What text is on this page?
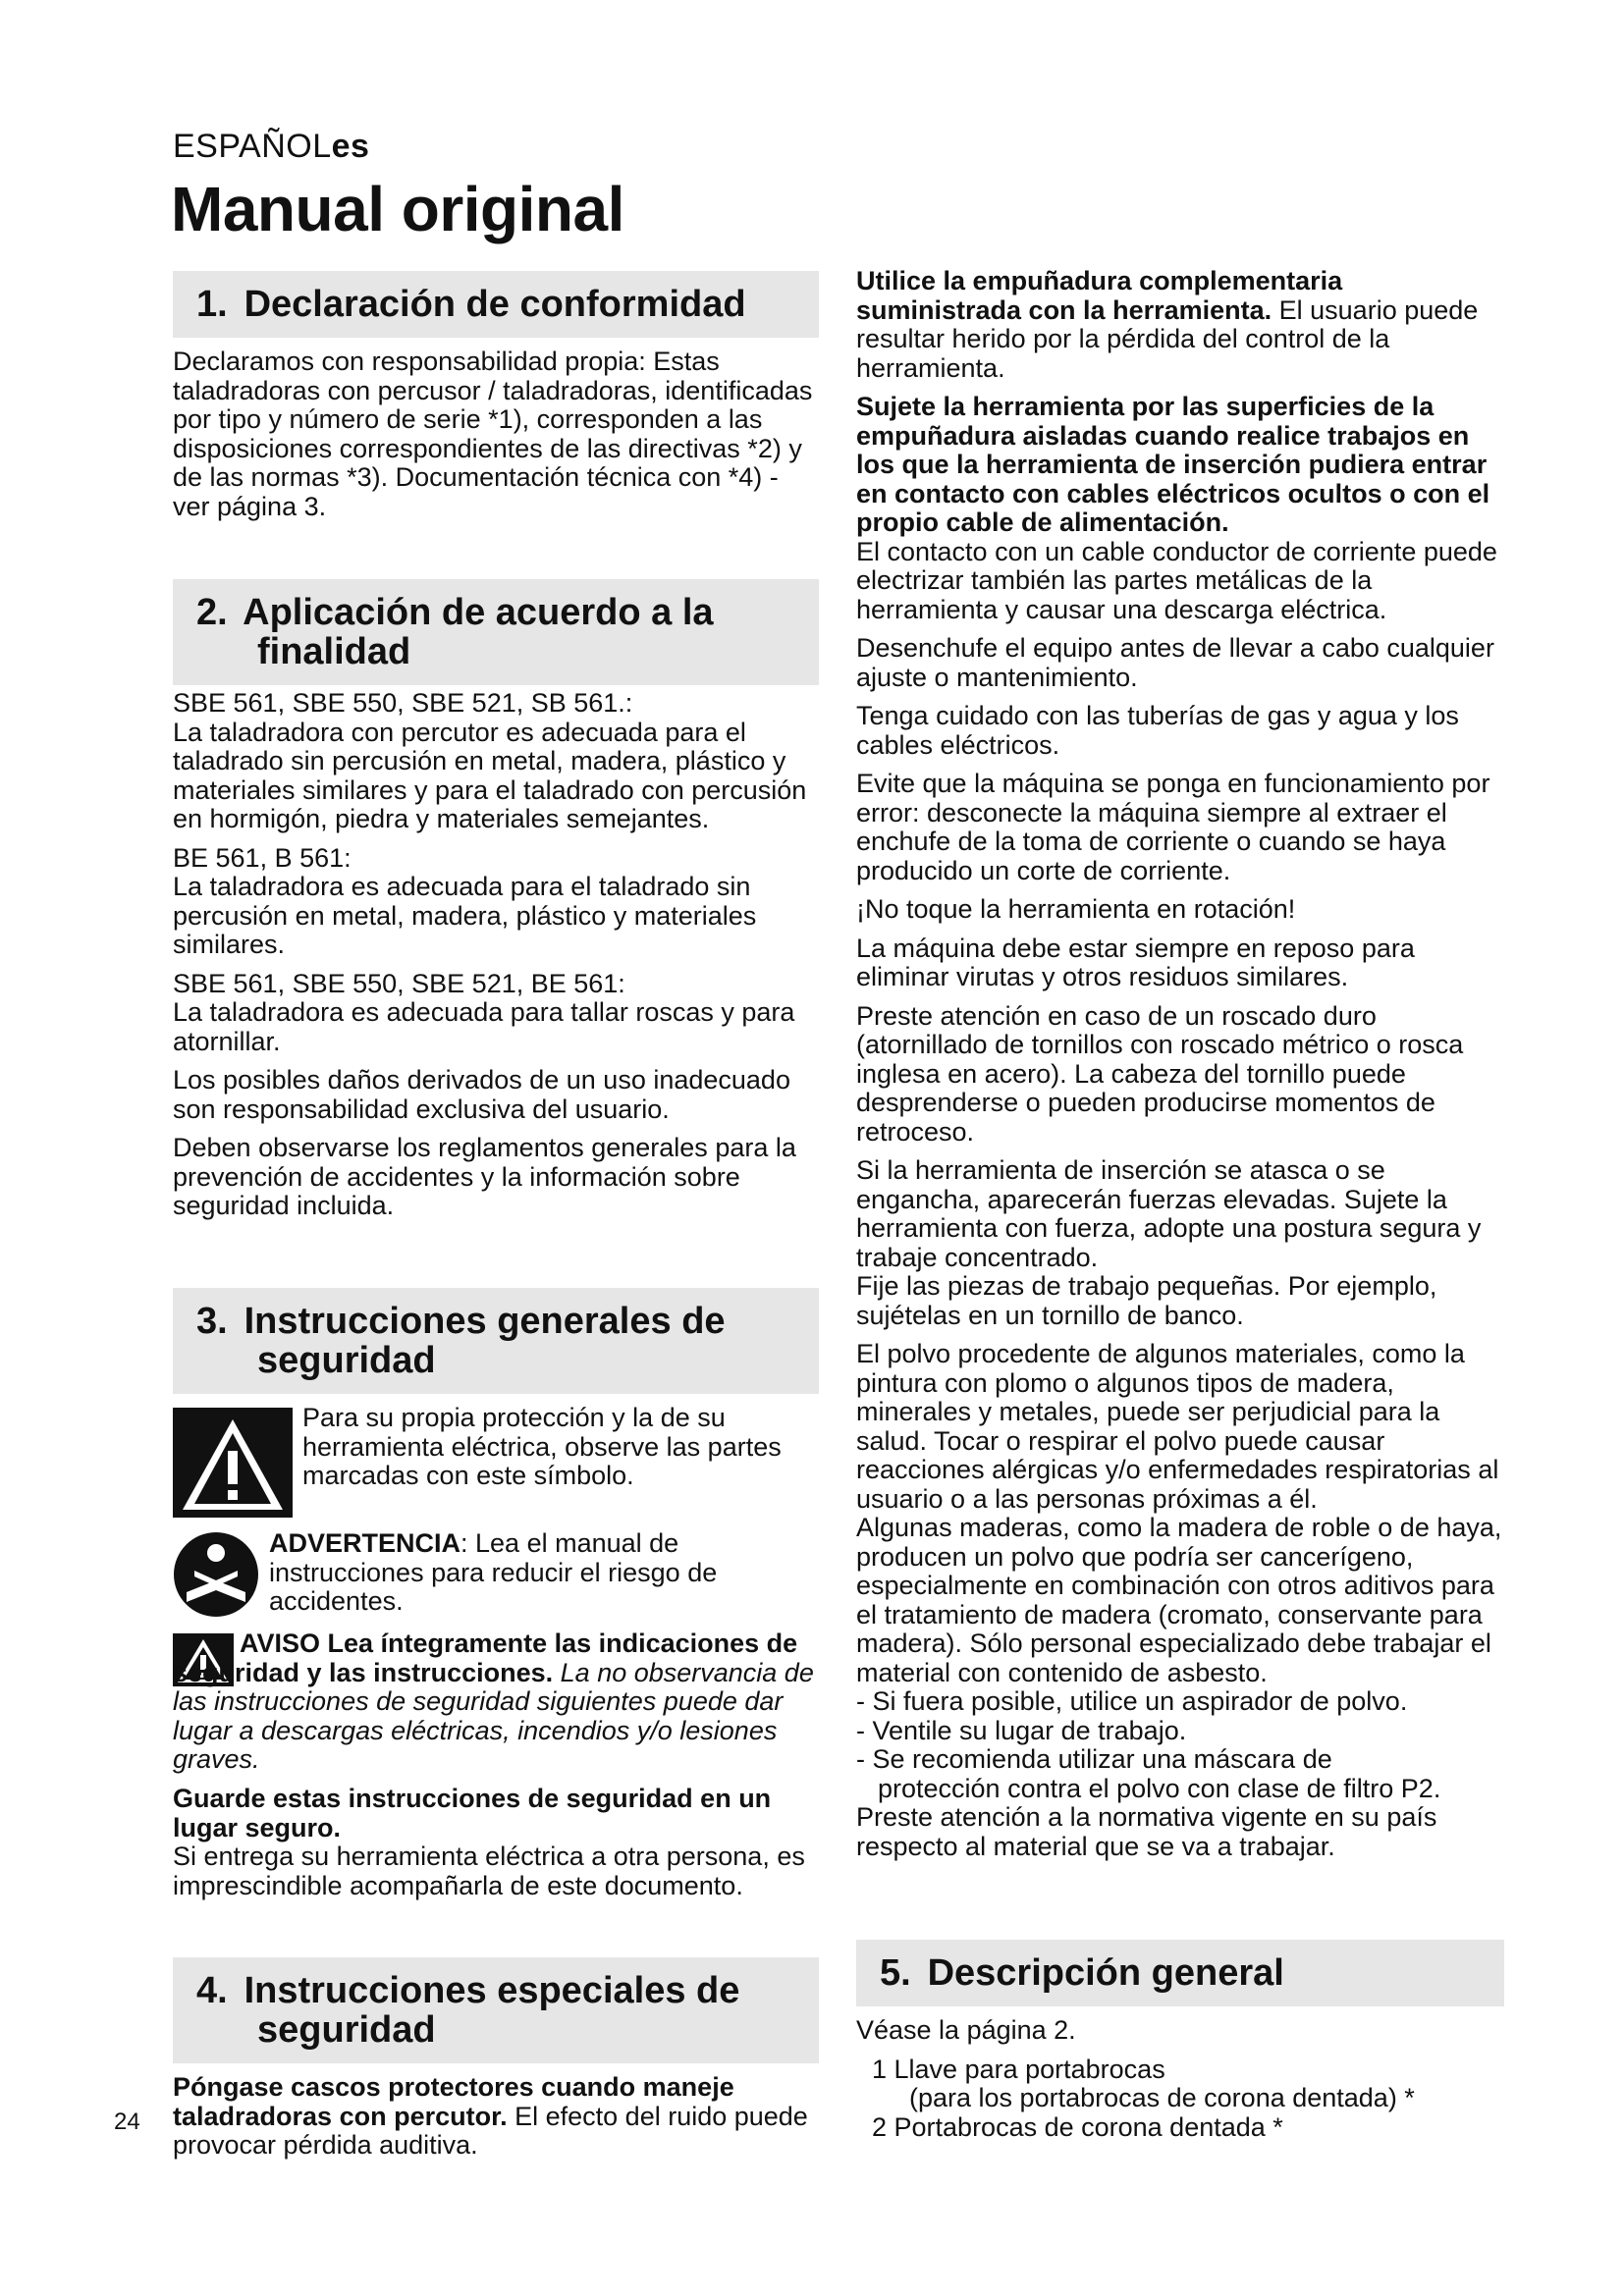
ESPAÑOLes
Manual original
1. Declaración de conformidad

Declaramos con responsabilidad propia: Estas taladradoras con percusor / taladradoras, identificadas por tipo y número de serie *1), corresponden a las disposiciones correspondientes de las directivas *2) y de las normas *3). Documentación técnica con *4) - ver página 3.

2. Aplicación de acuerdo a la
finalidad
SBE 561, SBE 550, SBE 521, SB 561.:
La taladradora con percutor es adecuada para el taladrado sin percusión en metal, madera, plástico y materiales similares y para el taladrado con percusión en hormigón, piedra y materiales semejantes.
BE 561, B 561:
La taladradora es adecuada para el taladrado sin percusión en metal, madera, plástico y materiales similares.
SBE 561, SBE 550, SBE 521, BE 561:
La taladradora es adecuada para tallar roscas y para atornillar.
Los posibles daños derivados de un uso inadecuado son responsabilidad exclusiva del usuario.
Deben observarse los reglamentos generales para la prevención de accidentes y la información sobre seguridad incluida.
3. Instrucciones generales de
seguridad

Para su propia protección y la de su herramienta eléctrica, observe las partes marcadas con este símbolo.

ADVERTENCIA: Lea el manual de instrucciones para reducir el riesgo de accidentes.

AVISO Lea íntegramente las indicaciones de seguridad y las instrucciones. La no observancia de las instrucciones de seguridad siguientes puede dar lugar a descargas eléctricas, incendios y/o lesiones graves.

Guarde estas instrucciones de seguridad en un lugar seguro.
Si entrega su herramienta eléctrica a otra persona, es imprescindible acompañarla de este documento.

4. Instrucciones especiales de
seguridad

Póngase cascos protectores cuando maneje taladradoras con percutor. El efecto del ruido puede provocar pérdida auditiva.

24
Utilice la empuñadura complementaria suministrada con la herramienta. El usuario puede resultar herido por la pérdida del control de la herramienta.
Sujete la herramienta por las superficies de la empuñadura aisladas cuando realice trabajos en los que la herramienta de inserción pudiera entrar en contacto con cables eléctricos ocultos o con el propio cable de alimentación.
El contacto con un cable conductor de corriente puede electrizar también las partes metálicas de la herramienta y causar una descarga eléctrica.
Desenchufe el equipo antes de llevar a cabo cualquier ajuste o mantenimiento.
Tenga cuidado con las tuberías de gas y agua y los cables eléctricos.
Evite que la máquina se ponga en funcionamiento por error: desconecte la máquina siempre al extraer el enchufe de la toma de corriente o cuando se haya producido un corte de corriente.
¡No toque la herramienta en rotación!
La máquina debe estar siempre en reposo para eliminar virutas y otros residuos similares.
Preste atención en caso de un roscado duro (atornillado de tornillos con roscado métrico o rosca inglesa en acero). La cabeza del tornillo puede desprenderse o pueden producirse momentos de retroceso.
Si la herramienta de inserción se atasca o se engancha, aparecerán fuerzas elevadas. Sujete la herramienta con fuerza, adopte una postura segura y trabaje concentrado.
Fije las piezas de trabajo pequeñas. Por ejemplo, sujételas en un tornillo de banco.
El polvo procedente de algunos materiales, como la pintura con plomo o algunos tipos de madera, minerales y metales, puede ser perjudicial para la salud. Tocar o respirar el polvo puede causar reacciones alérgicas y/o enfermedades respiratorias al usuario o a las personas próximas a él.
Algunas maderas, como la madera de roble o de haya, producen un polvo que podría ser cancerígeno, especialmente en combinación con otros aditivos para el tratamiento de madera (cromato, conservante para madera). Sólo personal especializado debe trabajar el material con contenido de asbesto.
- Si fuera posible, utilice un aspirador de polvo.
- Ventile su lugar de trabajo.
- Se recomienda utilizar una máscara de
protección contra el polvo con clase de filtro P2.
Preste atención a la normativa vigente en su país respecto al material que se va a trabajar.
5. Descripción general
Véase la página 2.
1 Llave para portabrocas
(para los portabrocas de corona dentada) *
2 Portabrocas de corona dentada *
